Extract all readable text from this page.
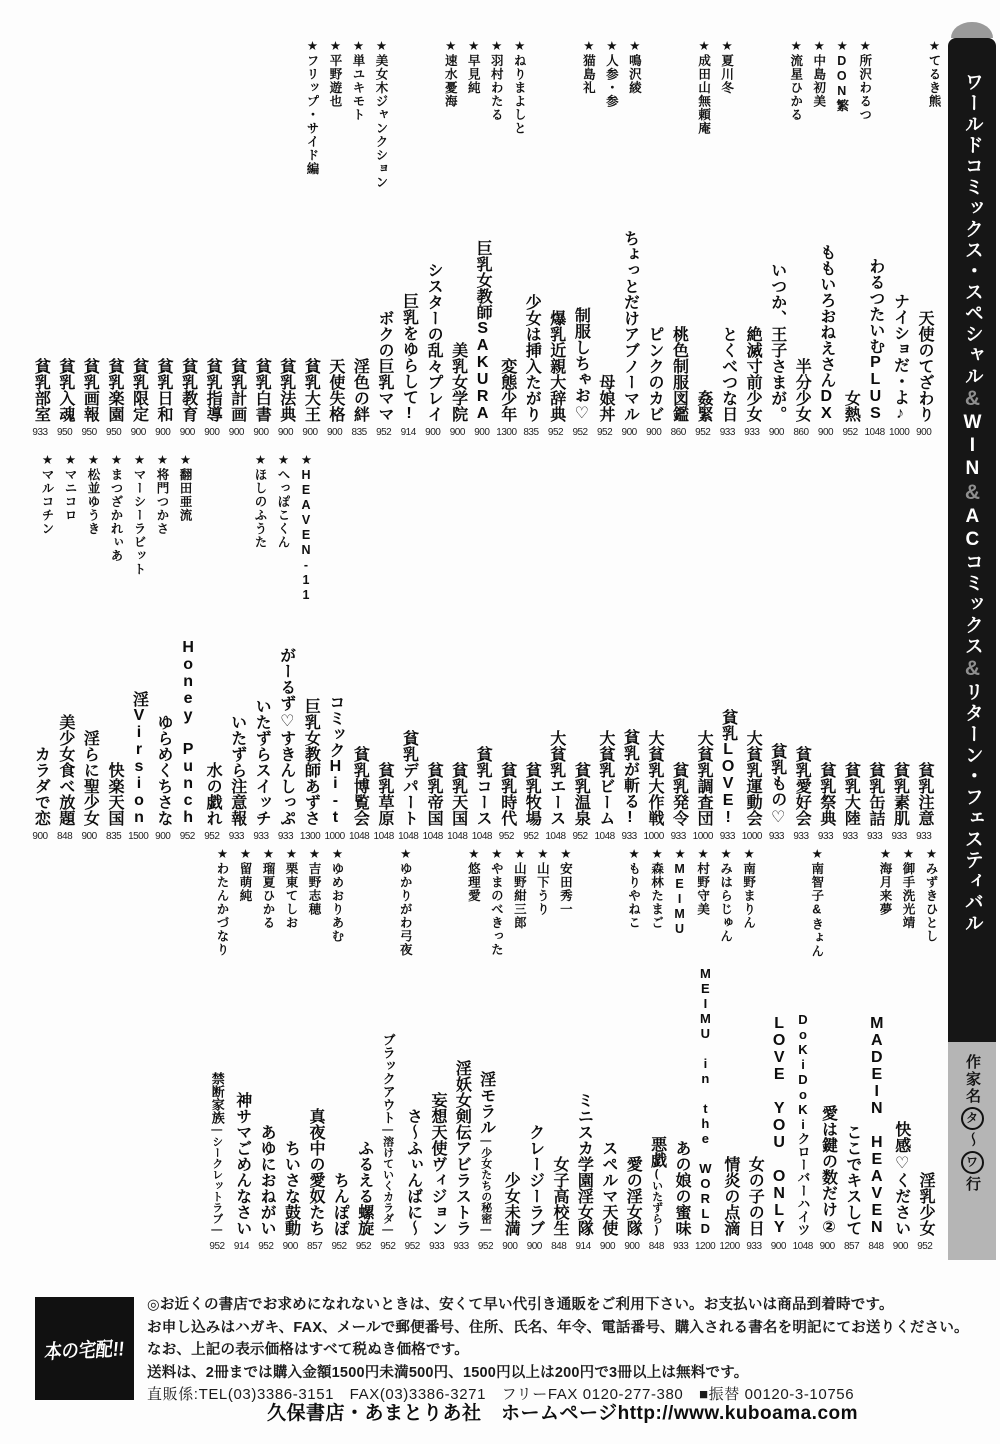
★てるき熊
★所沢わるつ
★DON繁
★中島初美
★流星ひかる
★夏川冬
★成田山無頼庵
★鳴沢綾
★人参・参
★猫島礼
★ねりまよしと
★羽村わたる
★早見純
★速水憂海
★美女木ジャンクション
★単ユキモト
★平野遊也
★フリップ・サイド編
天使のてざわり
900
ナイショだ・よ♪
1000
わるつたいむPLUS
1048
女熱
952
ももいろおねえさんDX
900
半分少女
860
いつか、王子さまが。
900
絶滅寸前少女
933
とくべつな日
933
姦緊
952
桃色制服図鑑
860
ピンクのカビ
900
ちょっとだけアブノーマル
900
母娘丼
952
制服しちゃお♡
952
爆乳近親大辞典
952
少女は挿入たがり
835
変態少年
1300
巨乳女教師SAKURA
900
美乳女学院
900
シスターの乱々プレイ
900
巨乳をゆらして!
914
ボクの巨乳ママ
952
淫色の絆
835
天使失格
900
貧乳大王
900
貧乳法典
900
貧乳白書
900
貧乳計画
900
貧乳指導
900
貧乳教育
900
貧乳日和
900
貧乳限定
900
貧乳楽園
950
貧乳画報
950
貧乳入魂
950
貧乳部室
933
★HEAVEN-11
★へっぽこくん
★ほしのふうた
★翻田亜流
★将門つかさ
★マーシーラビット
★まつざかれぃあ
★松並ゆうき
★マニコロ
★マルコチン
貧乳注意
933
貧乳素肌
933
貧乳缶詰
933
貧乳大陸
933
貧乳祭典
933
貧乳愛好会
933
貧乳もの♡
933
大貧乳運動会
1000
貧乳LOVE!
933
大貧乳調査団
1000
貧乳発令
933
大貧乳大作戦
1000
貧乳が斬る!
933
大貧乳ビーム
1048
貧乳温泉
952
大貧乳エース
1048
貧乳牧場
952
貧乳時代
952
貧乳コース
1048
貧乳天国
1048
貧乳帝国
1048
貧乳デパート
1048
貧乳草原
1048
貧乳博覧会
1048
コミックHi-t
1000
巨乳女教師あずさ
1300
がーるず♡すきんしっぷ
933
いたずらスイッチ
933
いたずら注意報
933
水の戯れ
952
Honey Punch
952
ゆらめくちさな
900
淫Virsion
1500
快楽天国
835
淫らに聖少女
900
美少女食べ放題
848
カラダで恋
900
★みずきひとし
★御手洗光靖
★海月来夢
★南智子&きょん
★南野まりん
★みはらじゅん
★村野守美
★MEIMU
★森林たまご
★もりやねこ
★安田秀一
★山下うり
★山野紺三郎
★やまのべきった
★悠理愛
★ゆかりがわ弓夜
★ゆめおりあむ
★吉野志穂
★栗東てしお
★瑠夏ひかる
★留萌純
★わたんかづなり
淫乳少女
952
快感♡ください
900
MADEIN HEAVEN
848
ここでキスして
857
愛は鍵の数だけ②
900
DoKiDoKiクローバーハイツ
1048
LOVE YOU ONLY
900
女の子の日
933
情炎の点滴
1200
MEIMU in the WORLD
1200
あの娘の蜜味
933
悪戯(いたずら)
848
愛の淫女隊
900
スペルマ天使
900
ミニスカ学園淫女隊
914
女子高校生
848
クレージーラブ
900
少女未満
900
淫モラル―少女たちの秘密―
952
淫妖女剣伝アビラストラ
933
妄想天使ヴィジョン
933
さ〜ふぃんばに〜
952
ブラックアウト―溶けていくカラダ―
952
ふるえる螺旋
952
ちんぽぽ
952
真夜中の愛奴たち
857
ちいさな鼓動
900
あゆにおねがい
952
神サマごめんなさい
914
禁断家族―シークレットラブ―
952
ワールドコミックス・スペシャル&WIN&ACコミックス&リターン・フェスティバル
作家名タ〜ワ行
本の宅配!!
◎お近くの書店でお求めになれないときは、安くて早い代引き通販をご利用下さい。お支払いは商品到着時です。
お申し込みはハガキ、FAX、メールで郵便番号、住所、氏名、年令、電話番号、購入される書名を明記にてお送りください。
なお、上記の表示価格はすべて税ぬき価格です。
送料は、2冊までは購入金額1500円未満500円、1500円以上は200円で3冊以上は無料です。
直販係:TEL(03)3386-3151　FAX(03)3386-3271　フリーFAX 0120-277-380　■振替 00120-3-10756
久保書店・あまとりあ社　ホームページhttp://www.kuboama.com
